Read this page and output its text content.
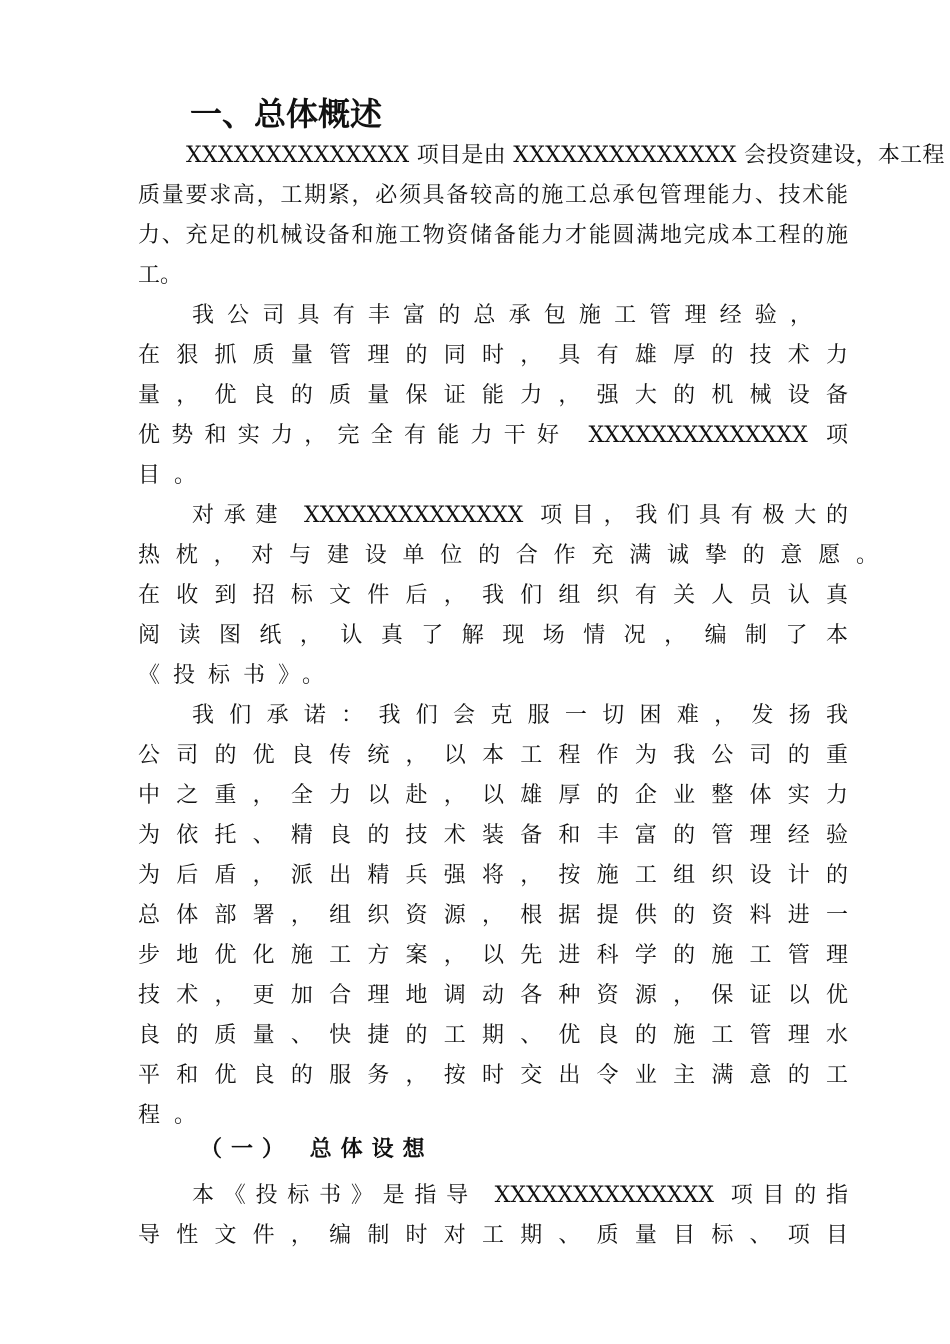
一、总体概述
XXXXXXXXXXXXXX 项目是由 XXXXXXXXXXXXXX 会投资建设，本工程
质量要求高，工期紧，必须具备较高的施工总承包管理能力、技术能
力、充足的机械设备和施工物资储备能力才能圆满地完成本工程的施
工。
我公司具有丰富的总承包施工管理经验，
在狠抓质量管理的同时，具有雄厚的技术力
量，优良的质量保证能力，强大的机械设备
优势和实力，完全有能力干好 XXXXXXXXXXXXXX 项
目。
对承建 XXXXXXXXXXXXXX 项目，我们具有极大的
热枕，对与建设单位的合作充满诚挚的意愿。
在收到招标文件后，我们组织有关人员认真
阅读图纸，认真了解现场情况，编制了本
《投标书》。
我们承诺：我们会克服一切困难，发扬我
公司的优良传统，以本工程作为我公司的重
中之重，全力以赴，以雄厚的企业整体实力
为依托、精良的技术装备和丰富的管理经验
为后盾，派出精兵强将，按施工组织设计的
总体部署，组织资源，根据提供的资料进一
步地优化施工方案，以先进科学的施工管理
技术，更加合理地调动各种资源，保证以优
良的质量、快捷的工期、优良的施工管理水
平和优良的服务，按时交出令业主满意的工
程。
（一） 总体设想
本《投标书》是指导 XXXXXXXXXXXXXX 项目的指
导性文件，编制时对工期、质量目标、项目
